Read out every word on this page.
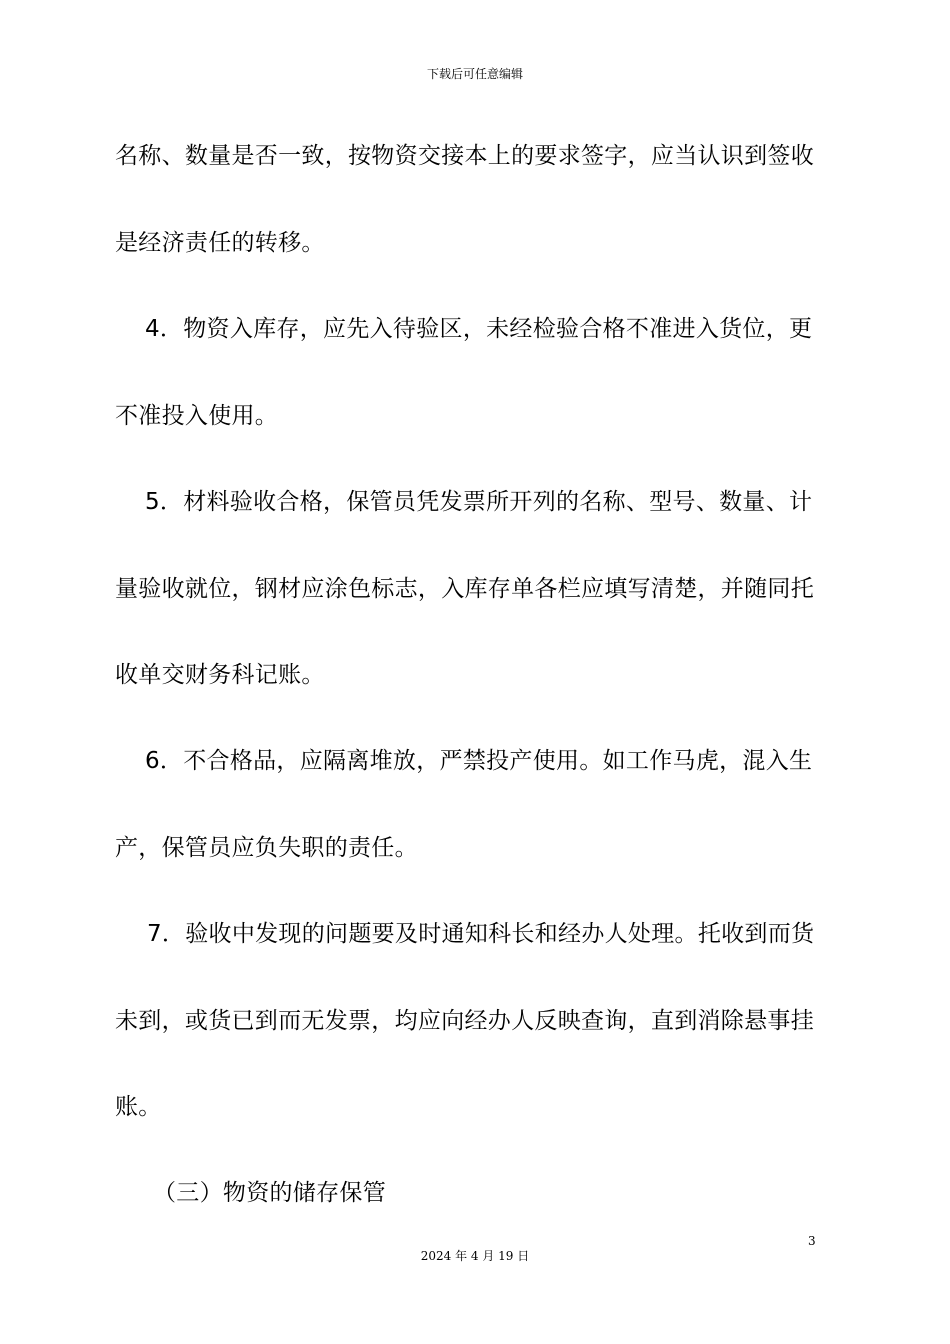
下载后可任意编辑
名称、数量是否一致，按物资交接本上的要求签字，应当认识到签收
是经济责任的转移。
4．物资入库存，应先入待验区，未经检验合格不准进入货位，更
不准投入使用。
5．材料验收合格，保管员凭发票所开列的名称、型号、数量、计
量验收就位，钢材应涂色标志，入库存单各栏应填写清楚，并随同托
收单交财务科记账。
6．不合格品，应隔离堆放，严禁投产使用。如工作马虎，混入生
产，保管员应负失职的责任。
7．验收中发现的问题要及时通知科长和经办人处理。托收到而货
未到，或货已到而无发票，均应向经办人反映查询，直到消除悬事挂
账。
（三）物资的储存保管
3
2024 年 4 月 19 日
